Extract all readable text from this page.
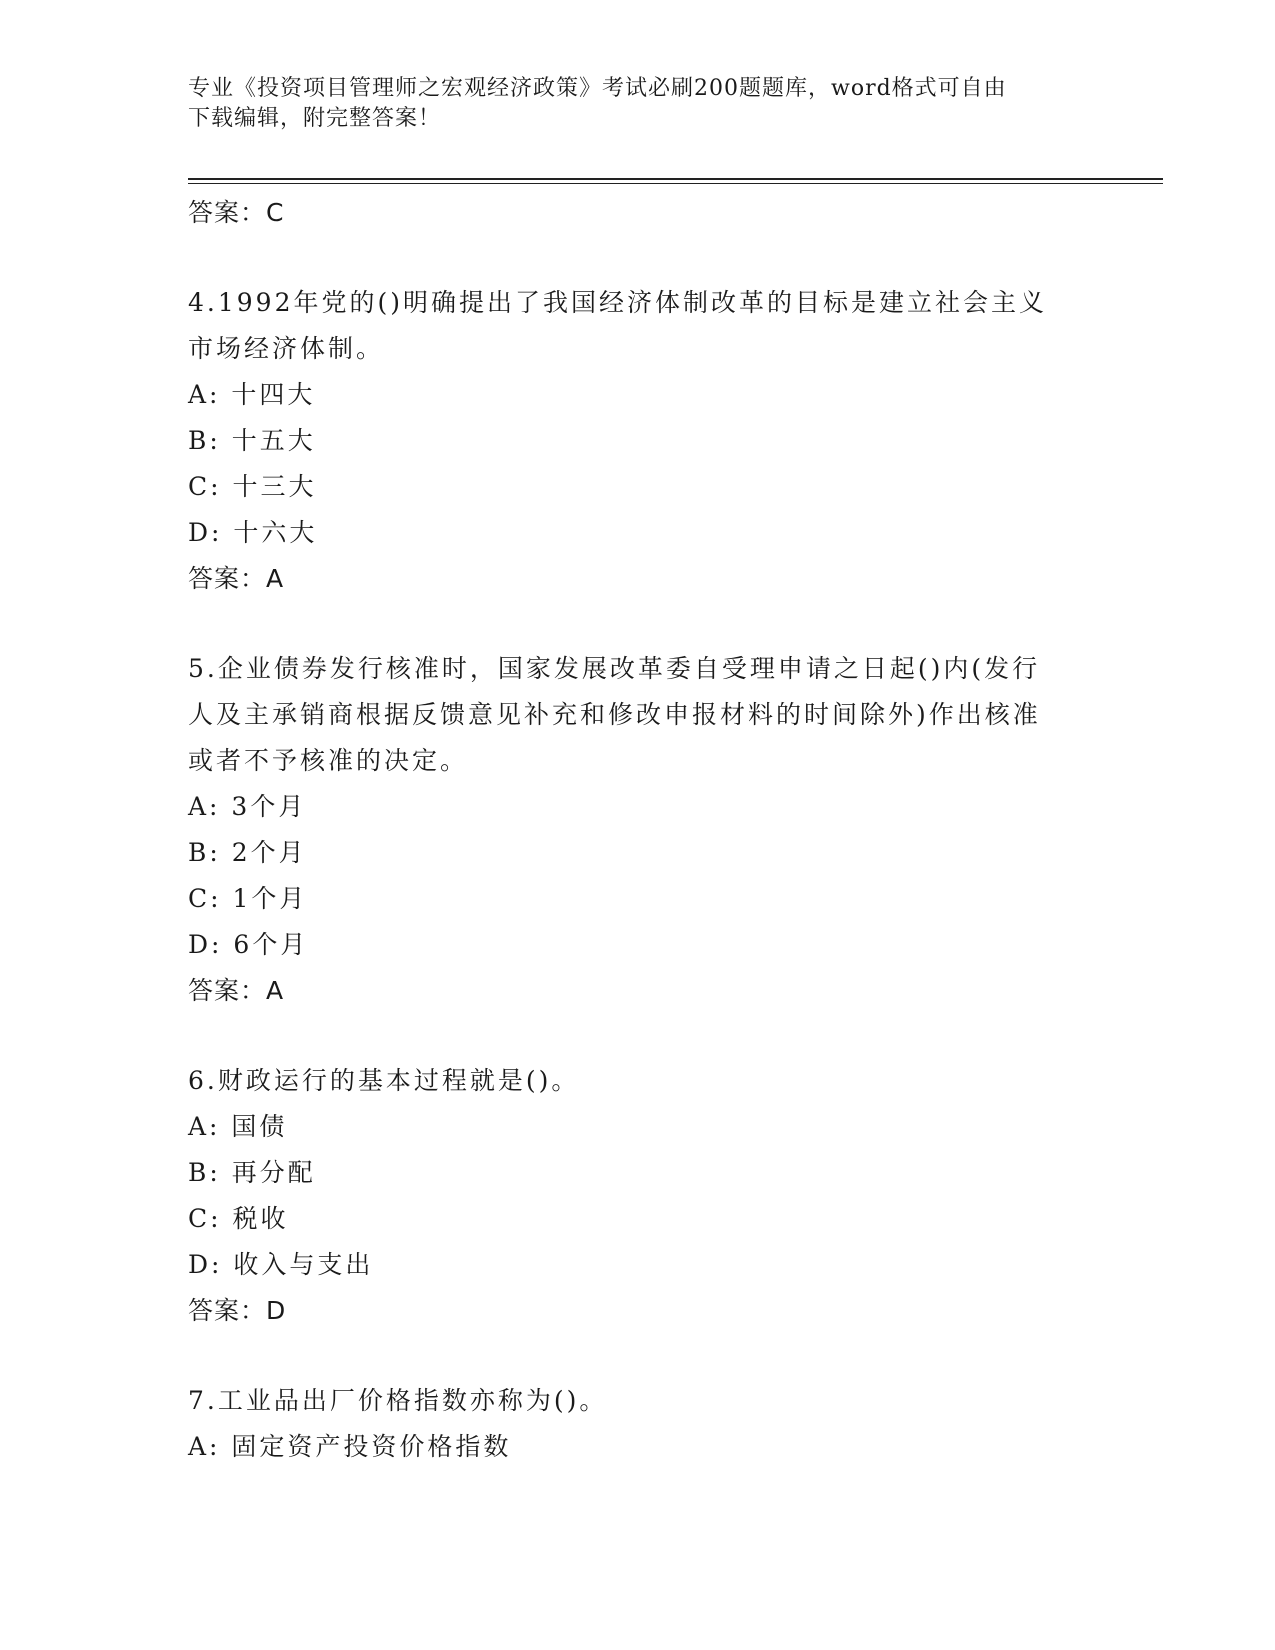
专业《投资项目管理师之宏观经济政策》考试必刷200题题库，word格式可自由
下载编辑，附完整答案！
答案：C
4.1992年党的()明确提出了我国经济体制改革的目标是建立社会主义
市场经济体制。
A: 十四大
B: 十五大
C: 十三大
D: 十六大
答案：A
5.企业债券发行核准时，国家发展改革委自受理申请之日起()内(发行
人及主承销商根据反馈意见补充和修改申报材料的时间除外)作出核准
或者不予核准的决定。
A: 3个月
B: 2个月
C: 1个月
D: 6个月
答案：A
6.财政运行的基本过程就是()。
A: 国债
B: 再分配
C: 税收
D: 收入与支出
答案：D
7.工业品出厂价格指数亦称为()。
A: 固定资产投资价格指数
